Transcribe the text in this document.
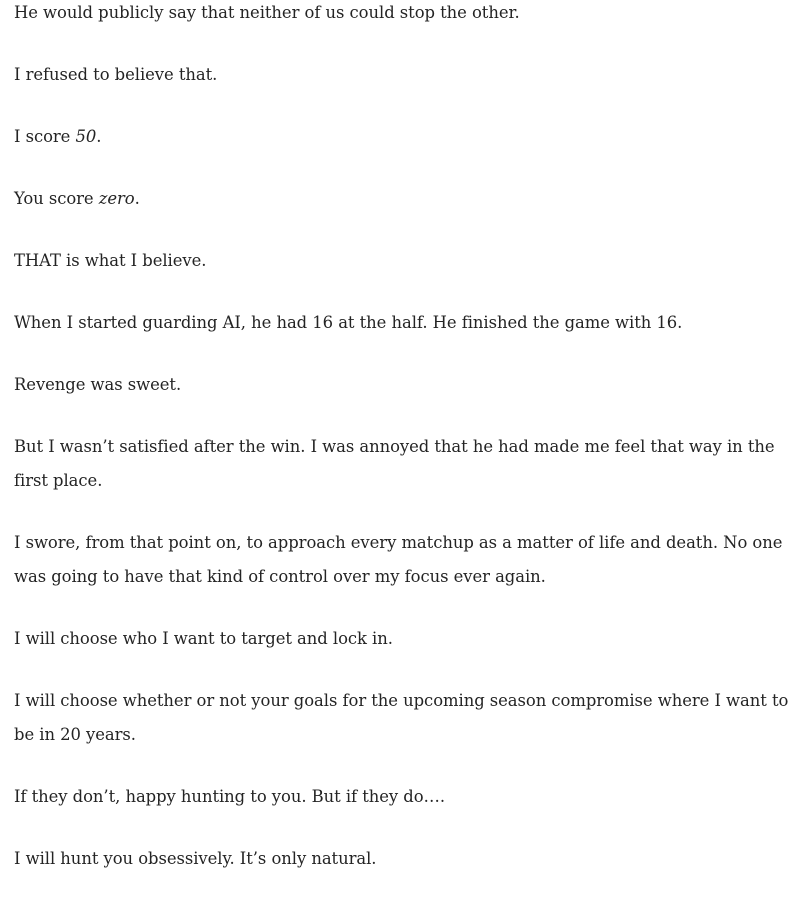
He would publicly say that neither of us could stop the other.

I refused to believe that.

I score 50.

You score zero.

THAT is what I believe.

When I started guarding AI, he had 16 at the half. He finished the game with 16.

Revenge was sweet.

But I wasn’t satisfied after the win. I was annoyed that he had made me feel that way in the first place.

I swore, from that point on, to approach every matchup as a matter of life and death. No one was going to have that kind of control over my focus ever again.

I will choose who I want to target and lock in.

I will choose whether or not your goals for the upcoming season compromise where I want to be in 20 years.

If they don’t, happy hunting to you. But if they do….

I will hunt you obsessively. It’s only natural.
